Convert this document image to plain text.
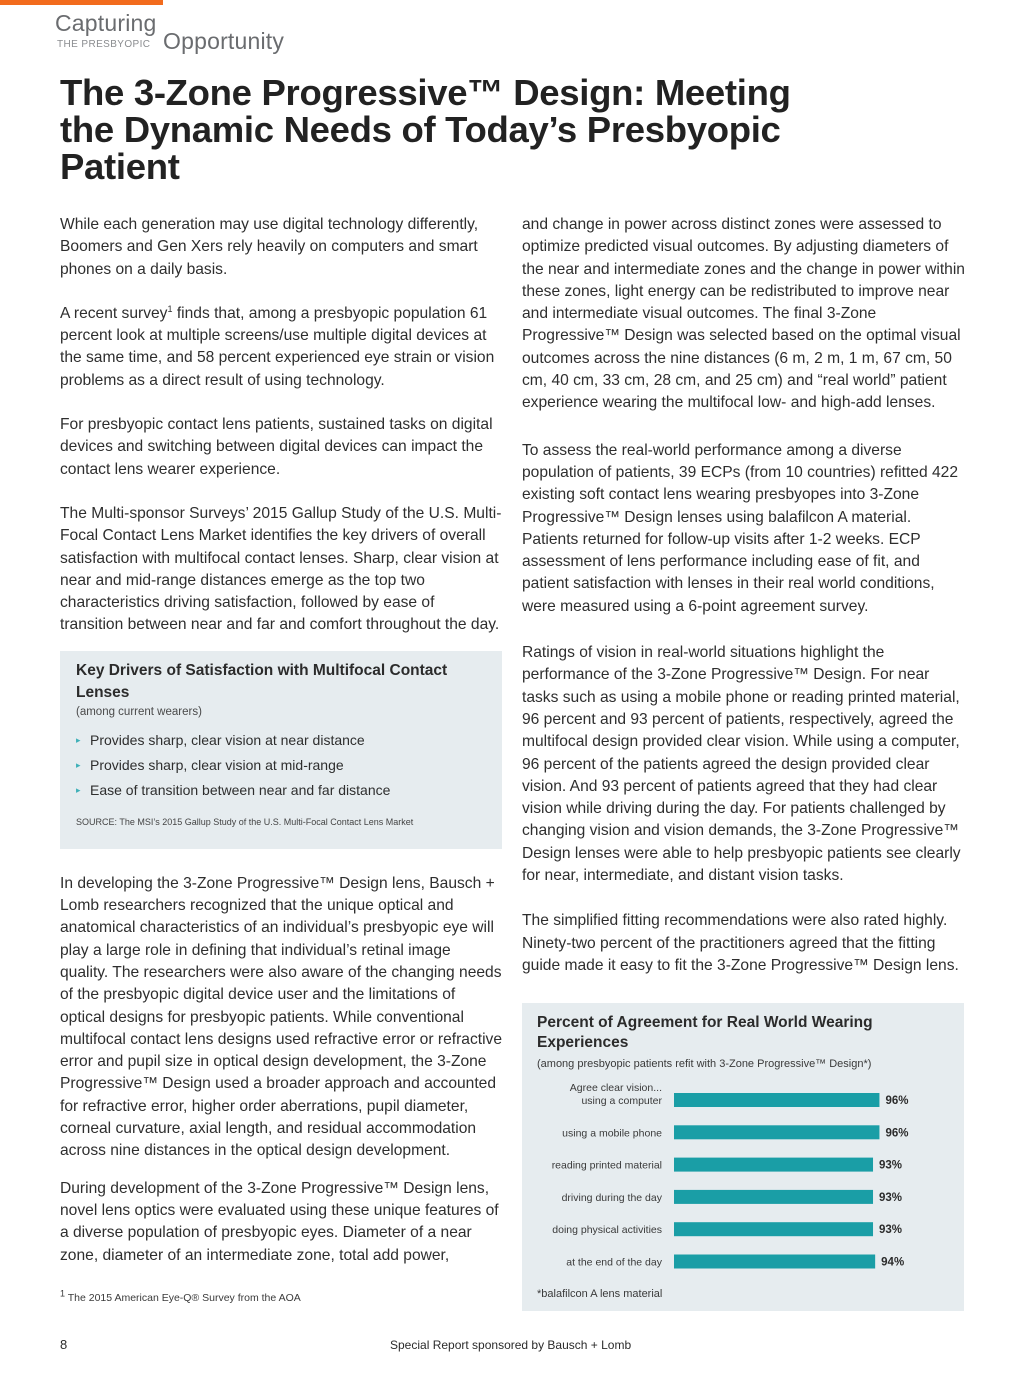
Capturing
THE PRESBYOPIC Opportunity
The 3-Zone Progressive™ Design: Meeting the Dynamic Needs of Today’s Presbyopic Patient

While each generation may use digital technology differently, Boomers and Gen Xers rely heavily on computers and smart phones on a daily basis.

A recent survey$^1$ finds that, among a presbyopic population 61 percent look at multiple screens/use multiple digital devices at the same time, and 58 percent experienced eye strain or vision problems as a direct result of using technology.

For presbyopic contact lens patients, sustained tasks on digital devices and switching between digital devices can impact the contact lens wearer experience.

The Multi-sponsor Surveys’ 2015 Gallup Study of the U.S. Multi-Focal Contact Lens Market identifies the key drivers of overall satisfaction with multifocal contact lenses. Sharp, clear vision at near and mid-range distances emerge as the top two characteristics driving satisfaction, followed by ease of transition between near and far and comfort throughout the day.

In developing the 3-Zone Progressive™ Design lens, Bausch + Lomb researchers recognized that the unique optical and anatomical characteristics of an individual’s presbyopic eye will play a large role in defining that individual’s retinal image quality. The researchers were also aware of the changing needs of the presbyopic digital device user and the limitations of optical designs for presbyopic patients. While conventional multifocal contact lens designs used refractive error or refractive error and pupil size in optical design development, the 3-Zone Progressive™ Design used a broader approach and accounted for refractive error, higher order aberrations, pupil diameter, corneal curvature, axial length, and residual accommodation across nine distances in the optical design development.

During development of the 3-Zone Progressive™ Design lens, novel lens optics were evaluated using these unique features of a diverse population of presbyopic eyes. Diameter of a near zone, diameter of an intermediate zone, total add power,

Key Drivers of Satisfaction with Multifocal Contact Lenses
(among current wearers)
▸ Provides sharp, clear vision at near distance
▸ Provides sharp, clear vision at mid-range
▸ Ease of transition between near and far distance
SOURCE: The MSI’s 2015 Gallup Study of the U.S. Multi-Focal Contact Lens Market
1 The 2015 American Eye-Q® Survey from the AOA

and change in power across distinct zones were assessed to optimize predicted visual outcomes. By adjusting diameters of the near and intermediate zones and the change in power within these zones, light energy can be redistributed to improve near and intermediate visual outcomes. The final 3-Zone Progressive™ Design was selected based on the optimal visual outcomes across the nine distances (6 m, 2 m, 1 m, 67 cm, 50 cm, 40 cm, 33 cm, 28 cm, and 25 cm) and “real world” patient experience wearing the multifocal low- and high-add lenses.

To assess the real-world performance among a diverse population of patients, 39 ECPs (from 10 countries) refitted 422 existing soft contact lens wearing presbyopes into 3-Zone Progressive™ Design lenses using balafilcon A material. Patients returned for follow-up visits after 1-2 weeks. ECP assessment of lens performance including ease of fit, and patient satisfaction with lenses in their real world conditions, were measured using a 6-point agreement survey.

Ratings of vision in real-world situations highlight the performance of the 3-Zone Progressive™ Design. For near tasks such as using a mobile phone or reading printed material, 96 percent and 93 percent of patients, respectively, agreed the multifocal design provided clear vision. While using a computer, 96 percent of the patients agreed the design provided clear vision. And 93 percent of patients agreed that they had clear vision while driving during the day. For patients challenged by changing vision and vision demands, the 3-Zone Progressive™ Design lenses were able to help presbyopic patients see clearly for near, intermediate, and distant vision tasks.

The simplified fitting recommendations were also rated highly. Ninety-two percent of the practitioners agreed that the fitting guide made it easy to fit the 3-Zone Progressive™ Design lens.

Percent of Agreement for Real World Wearing Experiences
(among presbyopic patients refit with 3-Zone Progressive™ Design*)
96%
Agree clear vision...
using a computer
96%
using a mobile phone
93%
reading printed material
93%
driving during the day
93%
doing physical activities
94%
at the end of the day
*balafilcon A lens material
8	Special Report sponsored by Bausch + Lomb
